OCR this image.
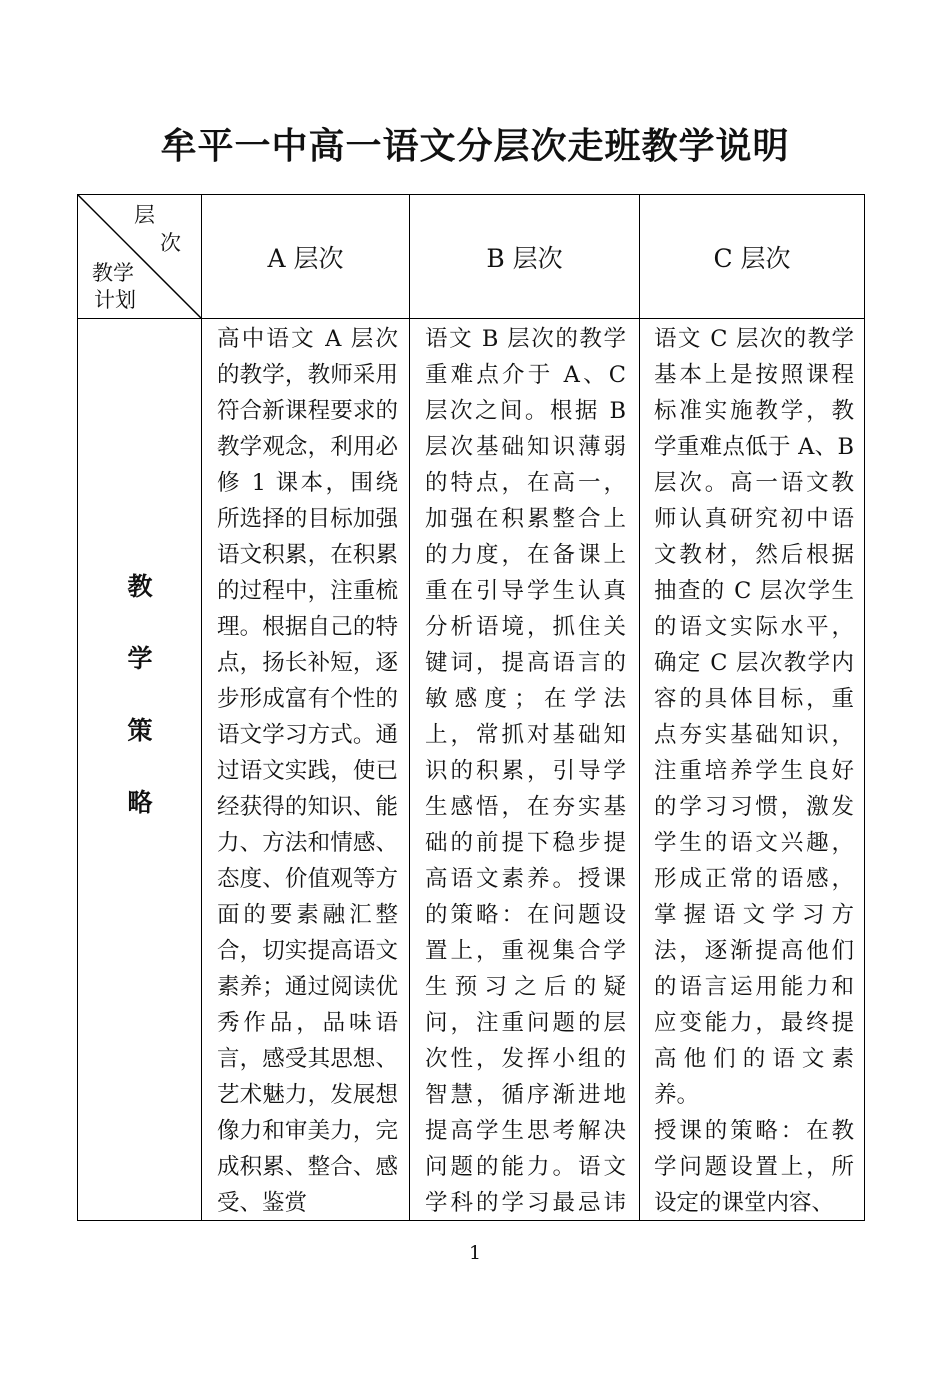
牟平一中高一语文分层次走班教学说明
层
次
教学
计划
A 层次	B 层次	C 层次
教
学
策
略
高中语文 A 层次的教学，教师采用符合新课程要求的教学观念，利用必修 1 课本，围绕所选择的目标加强语文积累，在积累的过程中，注重梳理。根据自己的特点，扬长补短，逐步形成富有个性的语文学习方式。通过语文实践，使已经获得的知识、能力、方法和情感、态度、价值观等方面的要素融汇整合，切实提高语文素养；通过阅读优秀作品，品味语言，感受其思想、艺术魅力，发展想像力和审美力，完成积累、整合、感受、鉴赏
语文 B 层次的教学重难点介于 A、C 层次之间。根据 B 层次基础知识薄弱的特点，在高一，加强在积累整合上的力度，在备课上重在引导学生认真分析语境，抓住关键词，提高语言的敏感度；在学法上，常抓对基础知识的积累，引导学生感悟，在夯实基础的前提下稳步提高语文素养。授课的策略：在问题设置上，重视集合学生预习之后的疑问，注重问题的层次性，发挥小组的智慧，循序渐进地提高学生思考解决问题的能力。语文学科的学习最忌讳
语文 C 层次的教学基本上是按照课程标准实施教学，教学重难点低于 A、B 层次。高一语文教师认真研究初中语文教材，然后根据抽查的 C 层次学生的语文实际水平，确定 C 层次教学内容的具体目标，重点夯实基础知识，注重培养学生良好的学习习惯，激发学生的语文兴趣，形成正常的语感，掌握语文学习方法，逐渐提高他们的语言运用能力和应变能力，最终提高他们的语文素养。
授课的策略：在教学问题设置上，所设定的课堂内容、
1
